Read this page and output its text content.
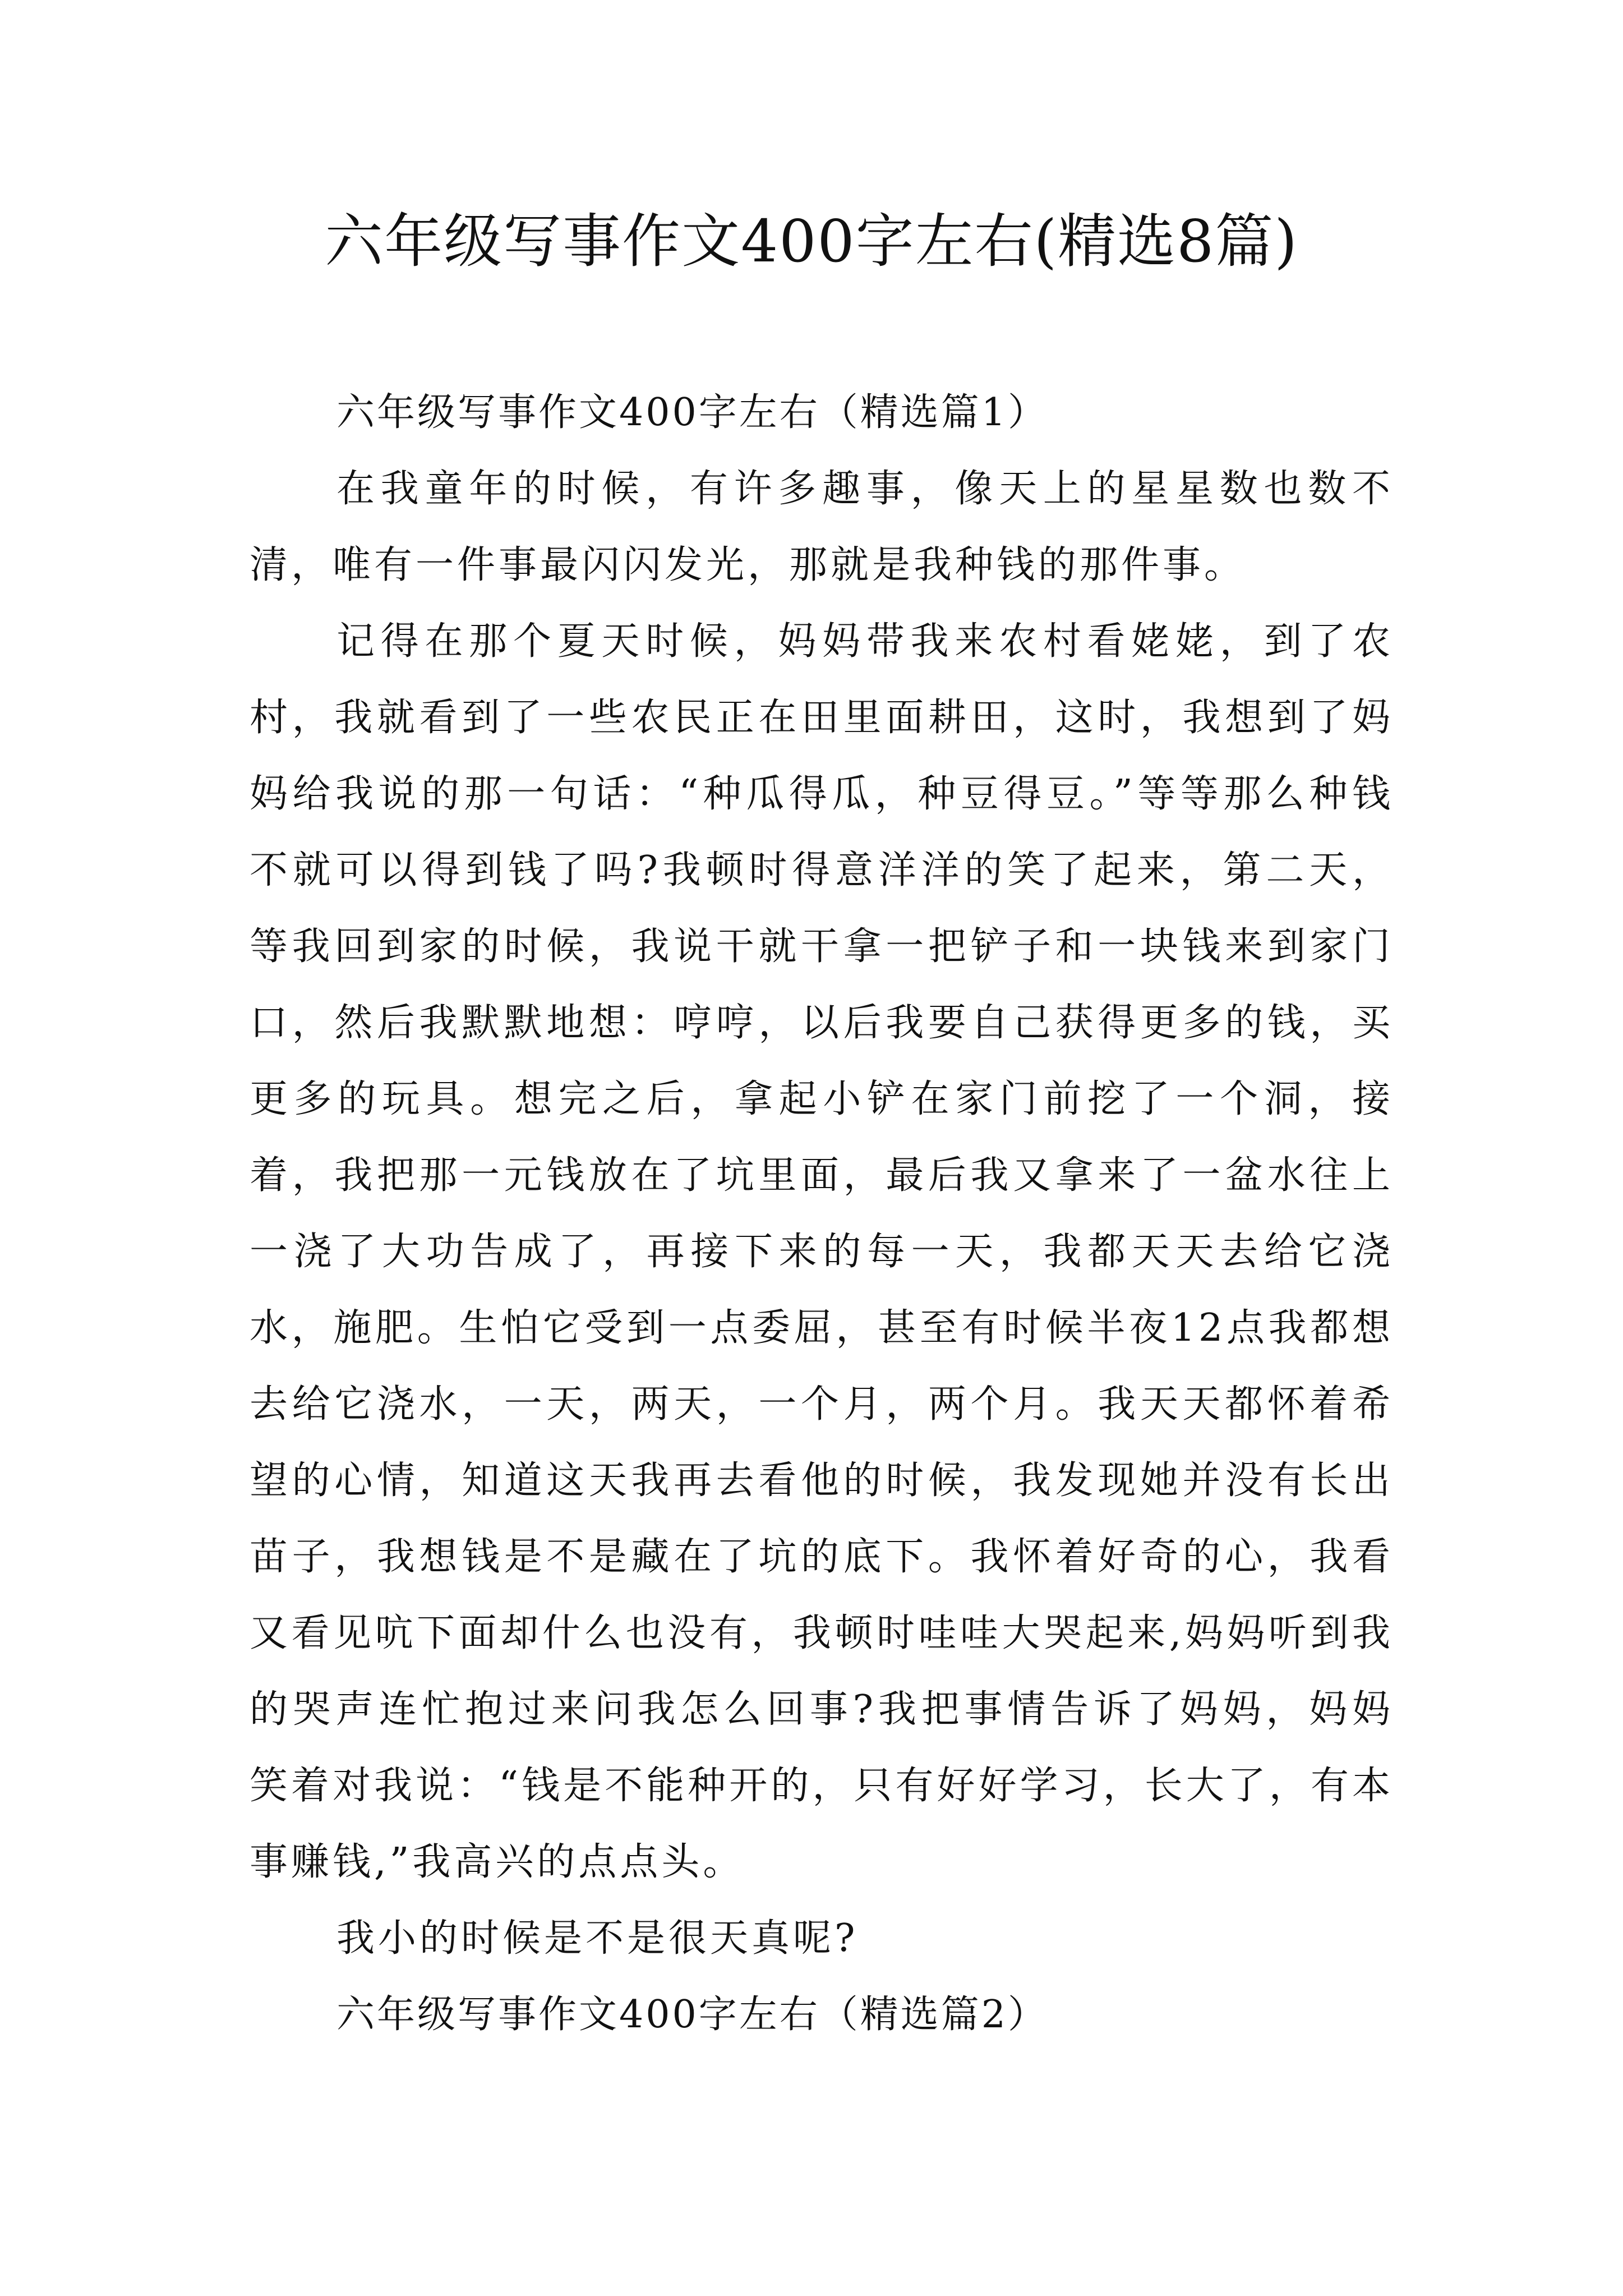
六年级写事作文400字左右(精选8篇)

六年级写事作文400字左右（精选篇1）

在我童年的时候，有许多趣事，像天上的星星数也数不清，唯有一件事最闪闪发光，那就是我种钱的那件事。

记得在那个夏天时候，妈妈带我来农村看姥姥，到了农村，我就看到了一些农民正在田里面耕田，这时，我想到了妈妈给我说的那一句话：“种瓜得瓜，种豆得豆。”等等那么种钱不就可以得到钱了吗?我顿时得意洋洋的笑了起来，第二天，等我回到家的时候，我说干就干拿一把铲子和一块钱来到家门口，然后我默默地想：哼哼，以后我要自己获得更多的钱，买更多的玩具。想完之后，拿起小铲在家门前挖了一个洞，接着，我把那一元钱放在了坑里面，最后我又拿来了一盆水往上一浇了大功告成了，再接下来的每一天，我都天天去给它浇水，施肥。生怕它受到一点委屈，甚至有时候半夜12点我都想去给它浇水，一天，两天，一个月，两个月。我天天都怀着希望的心情，知道这天我再去看他的时候，我发现她并没有长出苗子，我想钱是不是藏在了坑的底下。我怀着好奇的心，我看又看见吭下面却什么也没有，我顿时哇哇大哭起来,妈妈听到我的哭声连忙抱过来问我怎么回事?我把事情告诉了妈妈，妈妈笑着对我说：“钱是不能种开的，只有好好学习，长大了，有本事赚钱,”我高兴的点点头。

我小的时候是不是很天真呢?

六年级写事作文400字左右（精选篇2）
